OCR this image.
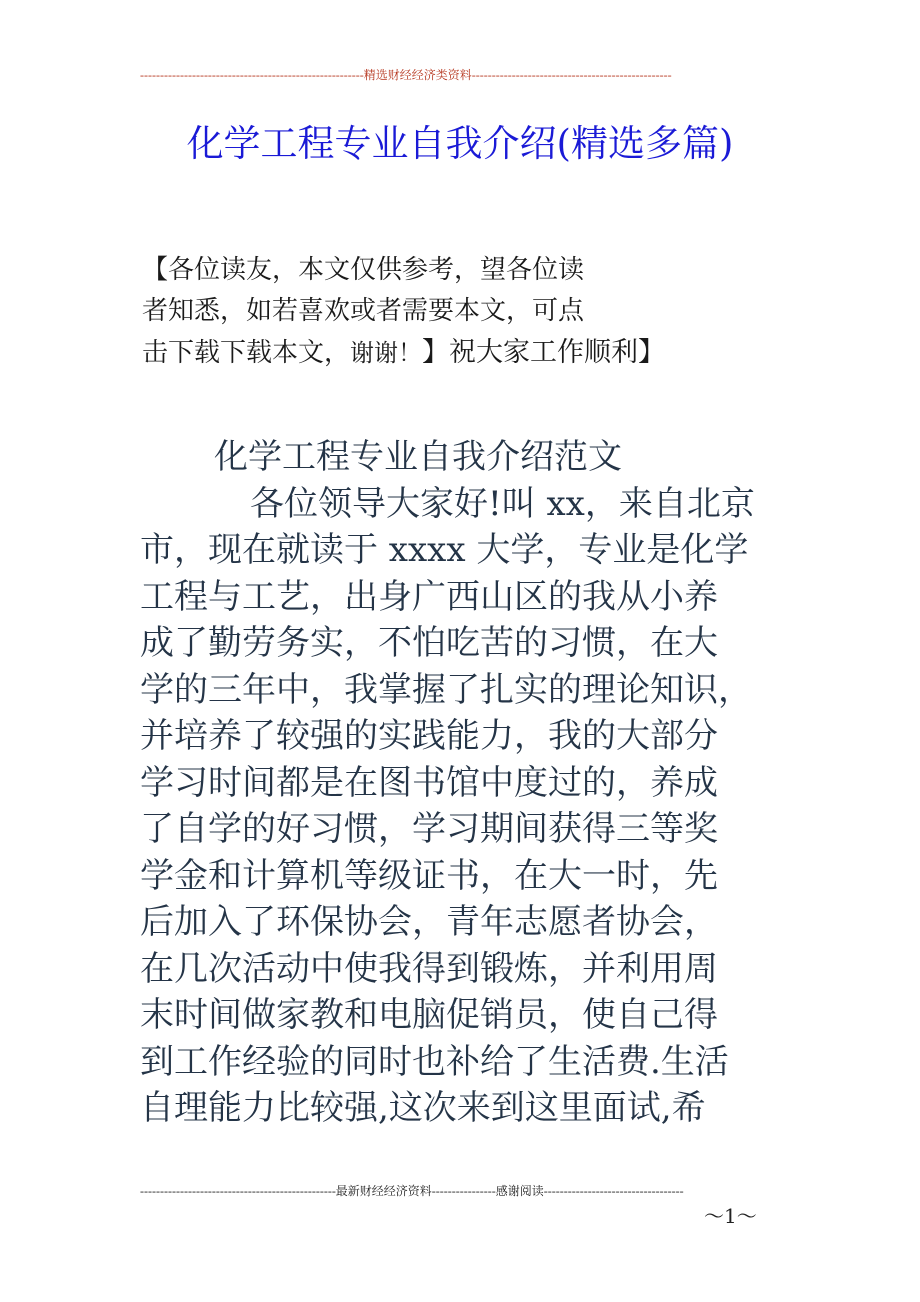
--------------------------------------------------------精选财经经济类资料--------------------------------------------------
化学工程专业自我介绍(精选多篇)
【各位读友，本文仅供参考，望各位读
者知悉，如若喜欢或者需要本文，可点
击下载下载本文，谢谢！】祝大家工作顺利】
化学工程专业自我介绍范文
各位领导大家好!叫 xx，来自北京
市，现在就读于 xxxx 大学，专业是化学
工程与工艺，出身广西山区的我从小养
成了勤劳务实，不怕吃苦的习惯，在大
学的三年中，我掌握了扎实的理论知识，
并培养了较强的实践能力，我的大部分
学习时间都是在图书馆中度过的，养成
了自学的好习惯，学习期间获得三等奖
学金和计算机等级证书，在大一时，先
后加入了环保协会，青年志愿者协会，
在几次活动中使我得到锻炼，并利用周
末时间做家教和电脑促销员，使自己得
到工作经验的同时也补给了生活费.生活
自理能力比较强,这次来到这里面试,希
-------------------------------------------------最新财经经济资料----------------感谢阅读-----------------------------------
～1～
